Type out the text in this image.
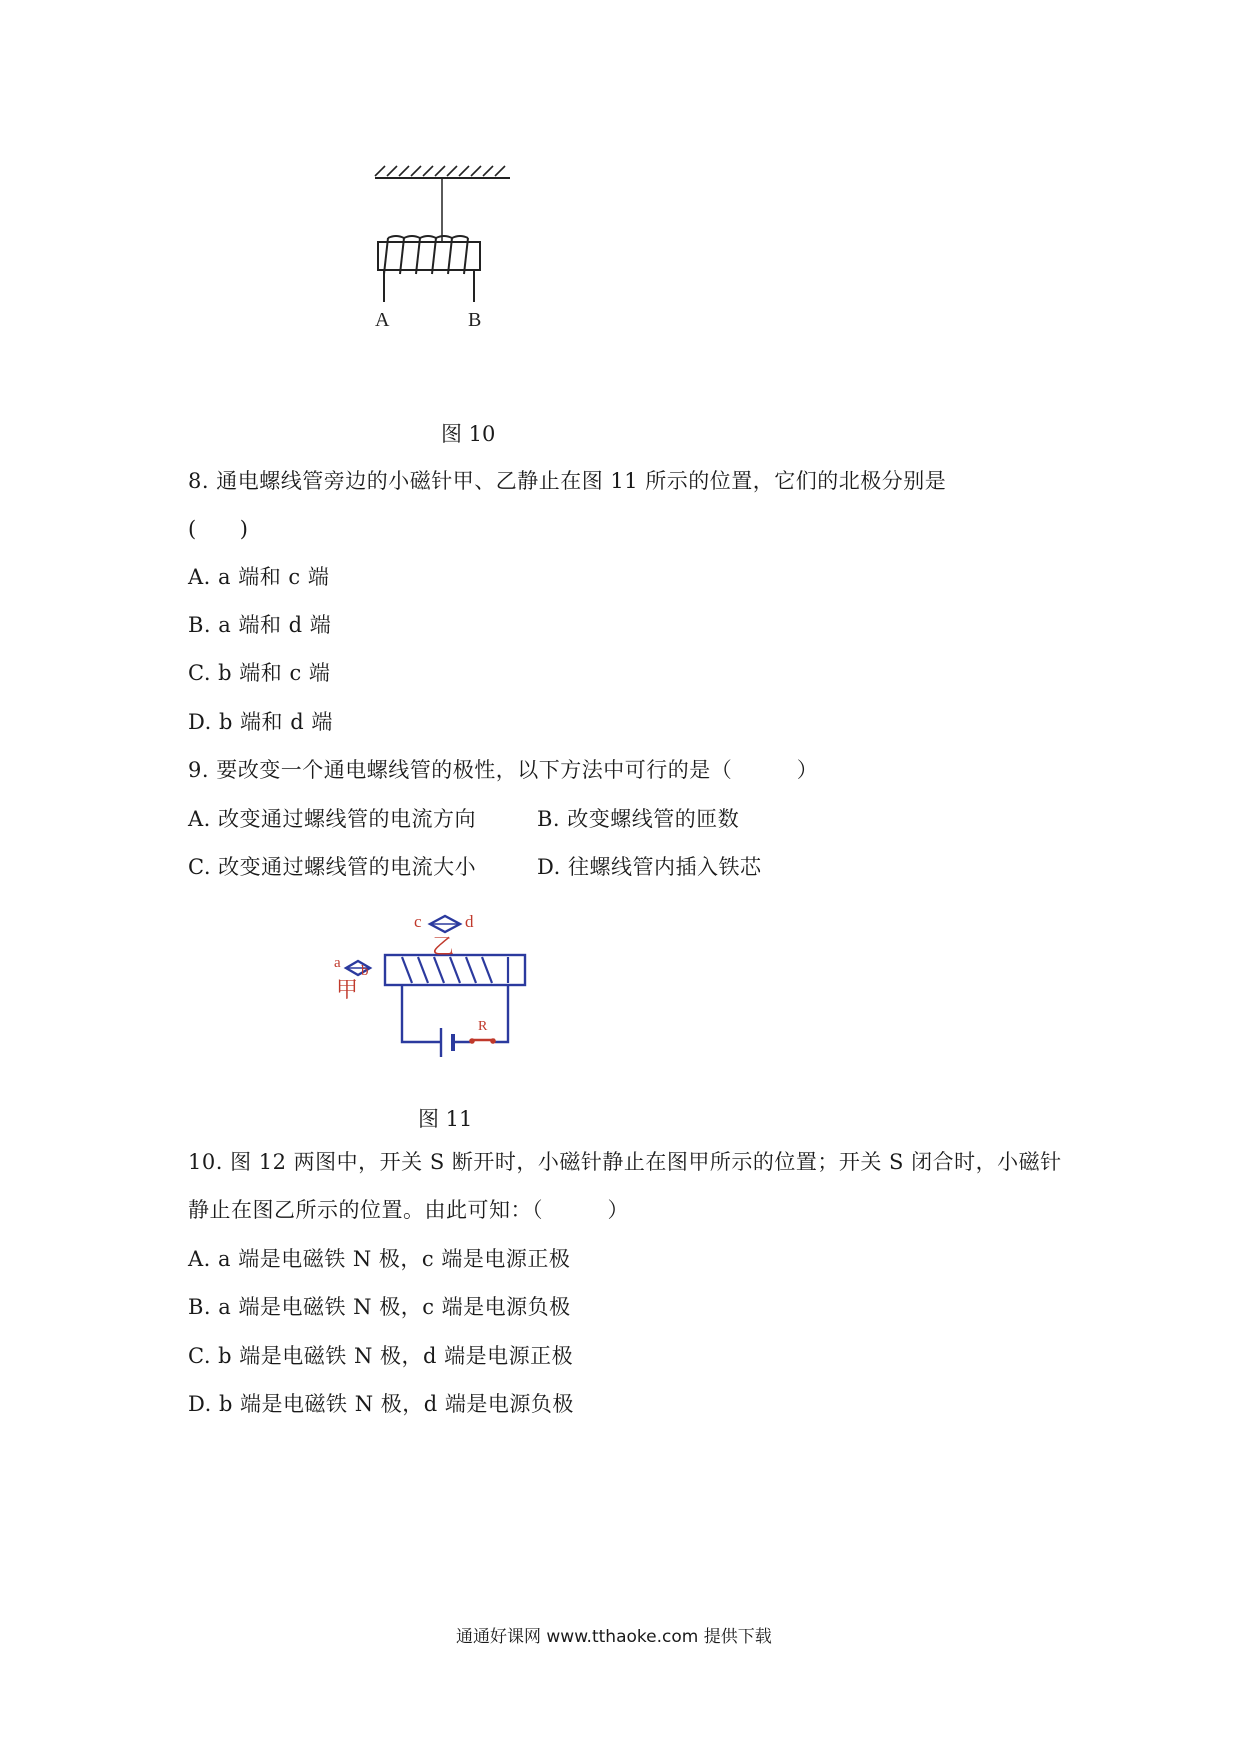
A	B
图 10
8. 通电螺线管旁边的小磁针甲、乙静止在图 11 所示的位置，它们的北极分别是
(　　)
A. a 端和 c 端
B. a 端和 d 端
C. b 端和 c 端
D. b 端和 d 端
9. 要改变一个通电螺线管的极性，以下方法中可行的是（　　　）
A. 改变通过螺线管的电流方向	B. 改变螺线管的匝数
C. 改变通过螺线管的电流大小	D. 往螺线管内插入铁芯
c	d
乙
a b
甲
R
图 11
10. 图 12 两图中，开关 S 断开时，小磁针静止在图甲所示的位置；开关 S 闭合时，小磁针
静止在图乙所示的位置。由此可知：（　　　）
A. a 端是电磁铁 N 极，c 端是电源正极
B. a 端是电磁铁 N 极，c 端是电源负极
C. b 端是电磁铁 N 极，d 端是电源正极
D. b 端是电磁铁 N 极，d 端是电源负极
通通好课网 www.tthaoke.com 提供下载
